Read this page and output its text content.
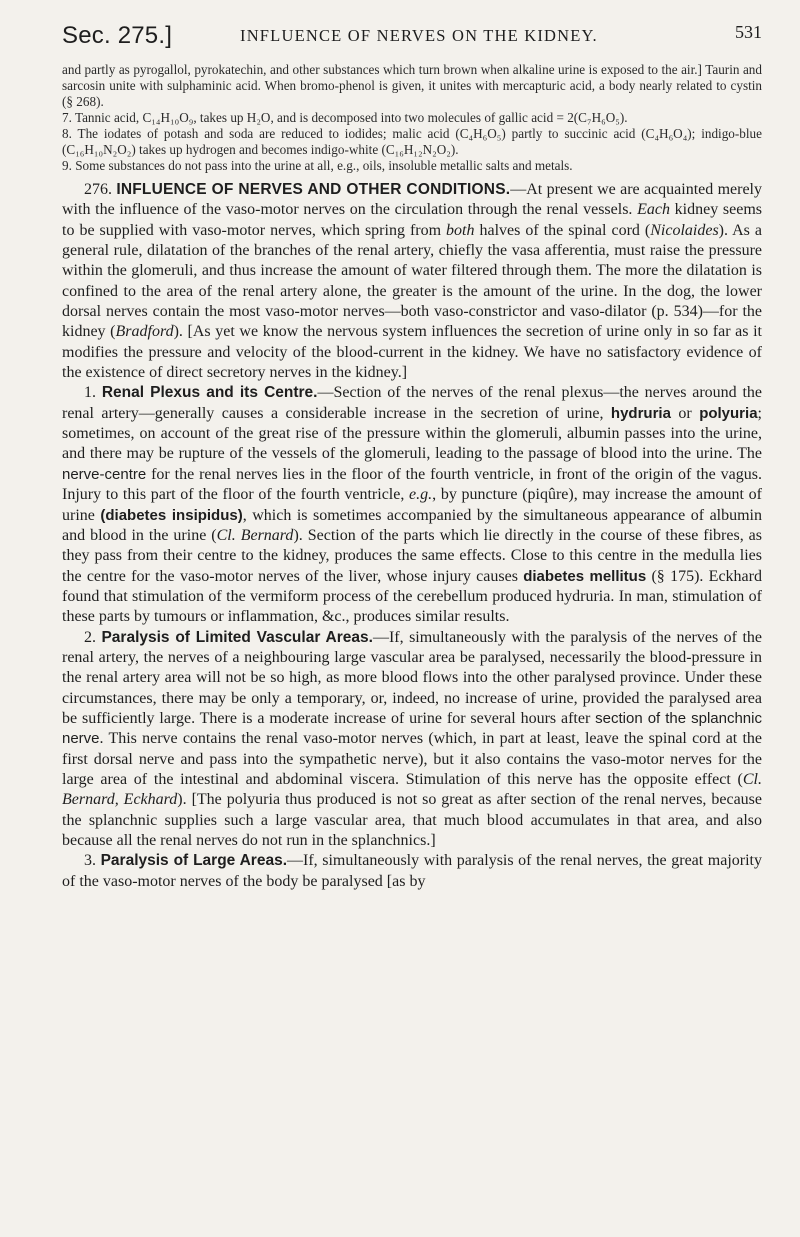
Sec. 275.]	INFLUENCE OF NERVES ON THE KIDNEY.	531

and partly as pyrogallol, pyrokatechin, and other substances which turn brown when alkaline urine is exposed to the air.] Taurin and sarcosin unite with sulphaminic acid. When bromo-phenol is given, it unites with mercapturic acid, a body nearly related to cystin (§ 268).

7. Tannic acid, C₁₄H₁₀O₉, takes up H₂O, and is decomposed into two molecules of gallic acid = 2(C₇H₆O₅).

8. The iodates of potash and soda are reduced to iodides; malic acid (C₄H₆O₅) partly to succinic acid (C₄H₆O₄); indigo-blue (C₁₆H₁₀N₂O₂) takes up hydrogen and becomes indigo-white (C₁₆H₁₂N₂O₂).

9. Some substances do not pass into the urine at all, e.g., oils, insoluble metallic salts and metals.

276. INFLUENCE OF NERVES AND OTHER CONDITIONS.—At present we are acquainted merely with the influence of the vaso-motor nerves on the circulation through the renal vessels. Each kidney seems to be supplied with vaso-motor nerves, which spring from both halves of the spinal cord (Nicolaides). As a general rule, dilatation of the branches of the renal artery, chiefly the vasa afferentia, must raise the pressure within the glomeruli, and thus increase the amount of water filtered through them. The more the dilatation is confined to the area of the renal artery alone, the greater is the amount of the urine. In the dog, the lower dorsal nerves contain the most vaso-motor nerves—both vaso-constrictor and vaso-dilator (p. 534)—for the kidney (Bradford). [As yet we know the nervous system influences the secretion of urine only in so far as it modifies the pressure and velocity of the blood-current in the kidney. We have no satisfactory evidence of the existence of direct secretory nerves in the kidney.]

1. Renal Plexus and its Centre.—Section of the nerves of the renal plexus—the nerves around the renal artery—generally causes a considerable increase in the secretion of urine, hydruria or polyuria; sometimes, on account of the great rise of the pressure within the glomeruli, albumin passes into the urine, and there may be rupture of the vessels of the glomeruli, leading to the passage of blood into the urine. The nerve-centre for the renal nerves lies in the floor of the fourth ventricle, in front of the origin of the vagus. Injury to this part of the floor of the fourth ventricle, e.g., by puncture (piqûre), may increase the amount of urine (diabetes insipidus), which is sometimes accompanied by the simultaneous appearance of albumin and blood in the urine (Cl. Bernard). Section of the parts which lie directly in the course of these fibres, as they pass from their centre to the kidney, produces the same effects. Close to this centre in the medulla lies the centre for the vaso-motor nerves of the liver, whose injury causes diabetes mellitus (§ 175). Eckhard found that stimulation of the vermiform process of the cerebellum produced hydruria. In man, stimulation of these parts by tumours or inflammation, &c., produces similar results.

2. Paralysis of Limited Vascular Areas.—If, simultaneously with the paralysis of the nerves of the renal artery, the nerves of a neighbouring large vascular area be paralysed, necessarily the blood-pressure in the renal artery area will not be so high, as more blood flows into the other paralysed province. Under these circumstances, there may be only a temporary, or, indeed, no increase of urine, provided the paralysed area be sufficiently large. There is a moderate increase of urine for several hours after section of the splanchnic nerve. This nerve contains the renal vaso-motor nerves (which, in part at least, leave the spinal cord at the first dorsal nerve and pass into the sympathetic nerve), but it also contains the vaso-motor nerves for the large area of the intestinal and abdominal viscera. Stimulation of this nerve has the opposite effect (Cl. Bernard, Eckhard). [The polyuria thus produced is not so great as after section of the renal nerves, because the splanchnic supplies such a large vascular area, that much blood accumulates in that area, and also because all the renal nerves do not run in the splanchnics.]

3. Paralysis of Large Areas.—If, simultaneously with paralysis of the renal nerves, the great majority of the vaso-motor nerves of the body be paralysed [as by
